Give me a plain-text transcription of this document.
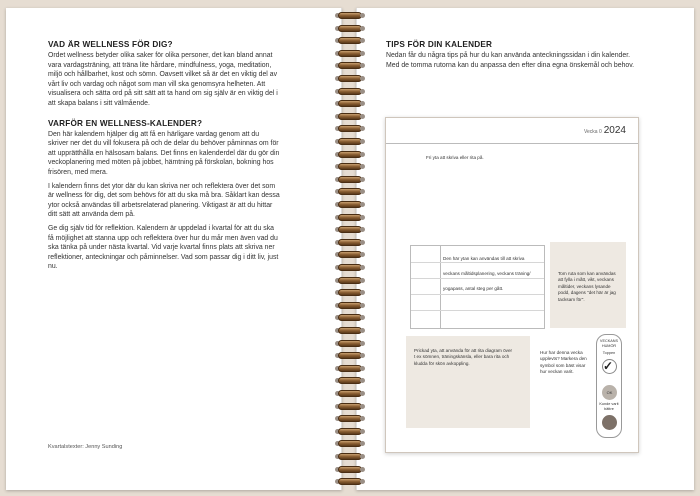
VAD ÄR WELLNESS FÖR DIG?

Ordet wellness betyder olika saker för olika personer, det kan bland annat vara vardagsträning, att träna lite hårdare, mindfulness, yoga, meditation, miljö och hållbarhet, kost och sömn. Oavsett vilket så är det en viktig del av vårt liv och vardag och något som man vill ska genomsyra helheten. Att visualisera och sätta ord på sitt sätt att ta hand om sig själv är en viktig del i att skapa balans i sitt välmående.

VARFÖR EN WELLNESS-KALENDER?

Den här kalendern hjälper dig att få en härligare vardag genom att du skriver ner det du vill fokusera på och de delar du behöver påminnas om för att upprätthålla en hälsosam balans. Det finns en kalenderdel där du gör din veckoplanering med möten på jobbet, hämtning på förskolan, bokning hos frisören, med mera.

I kalendern finns det ytor där du kan skriva ner och reflektera över det som är wellness för dig, det som behövs för att du ska må bra. Såklart kan dessa ytor också användas till arbetsrelaterad planering. Viktigast är att du hittar ditt sätt att använda dem på.

Ge dig själv tid för reflektion. Kalendern är uppdelad i kvartal för att du ska få möjlighet att stanna upp och reflektera över hur du mår men även vad du ska tänka på under nästa kvartal. Vid varje kvartal finns plats att skriva ner reflektioner, anteckningar och påminnelser. Vad som passar dig i ditt liv, just nu.

Kvartalstexter: Jenny Sunding
TIPS FÖR DIN KALENDER

Nedan får du några tips på hur du kan använda anteckningssidan i din kalender. Med de tomma rutorna kan du anpassa den efter dina egna önskemål och behov.

Vecka 0 2024
Fri yta att skriva eller rita på.
Den här ytan kan användas till att skriva
veckans måltidsplanering, veckans träning/
yogapass, antal steg per gått.
Tom ruta som kan användas att fylla i mått, vikt, veckans måltider, veckans lysande podd, dagens "det här är jag tacksam för".
Prickad yta, att använda för att rita diagram över t ex sömnen, träningskänsla, eller bara rita och kludda för skön avkoppling.
Hur har denna vecka upplevts? Markera den symbol som bäst visar hur veckan varit.
VECKANS
HUMÖR
Toppen
✓
OK
Kunde varit
bättre
